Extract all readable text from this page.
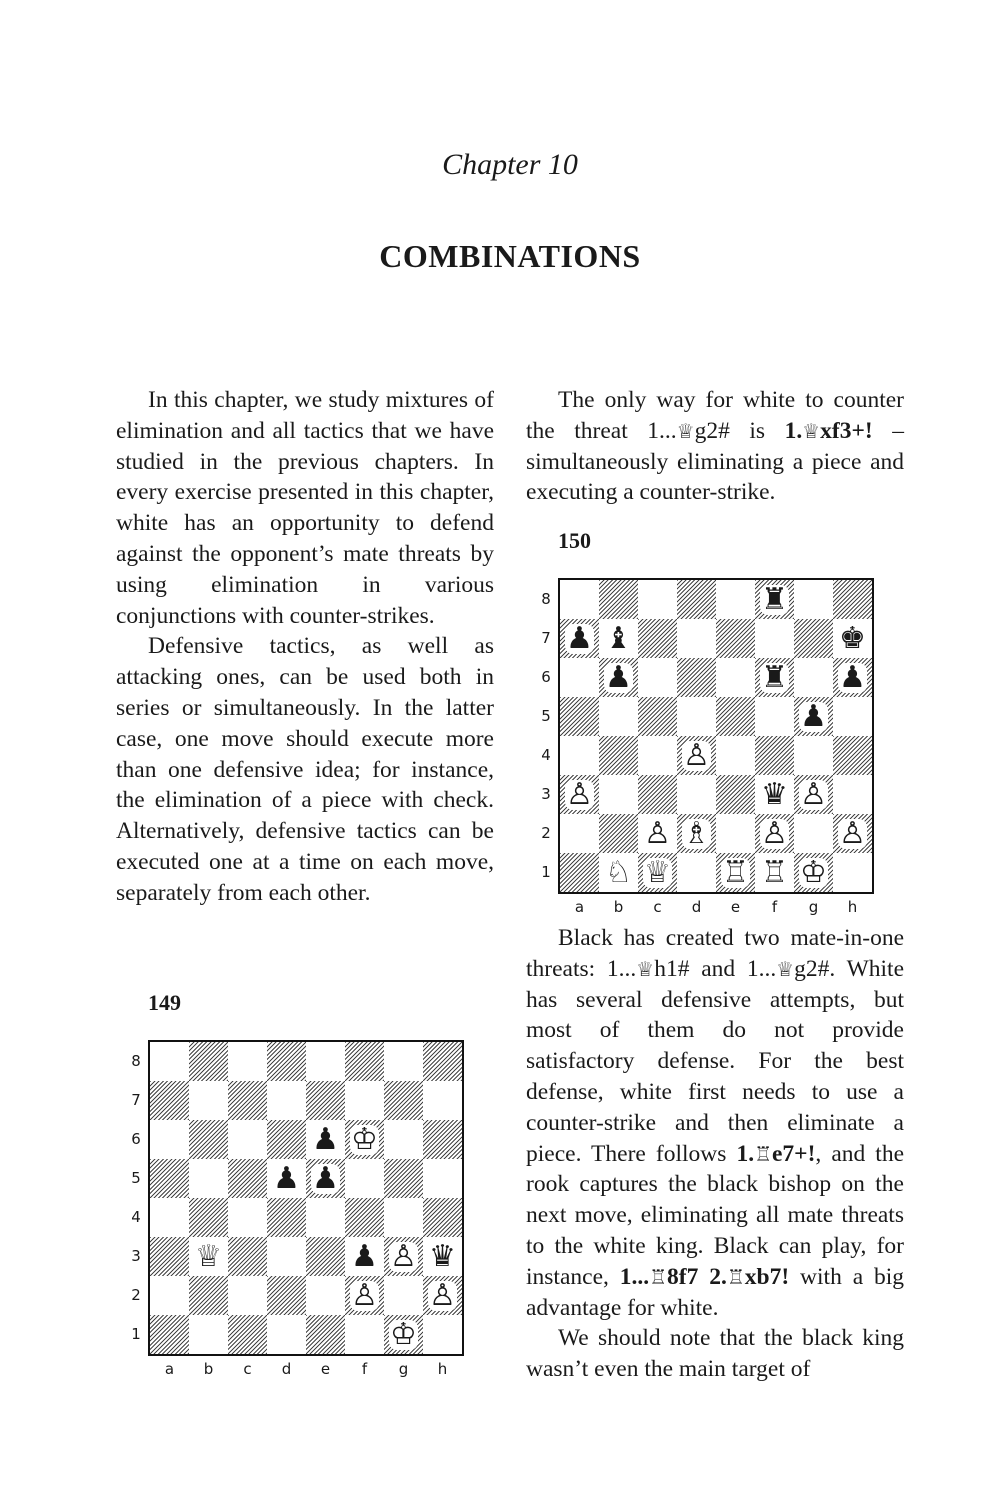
Chapter 10
COMBINATIONS

In this chapter, we study mixtures of elimination and all tactics that we have studied in the previous chapters. In every exercise presented in this chapter, white has an opportunity to defend against the opponent’s mate threats by using elimination in various conjunctions with counter-strikes.

Defensive tactics, as well as attacking ones, can be used both in series or simultaneously. In the latter case, one move should execute more than one defensive idea; for instance, the elimination of a piece with check. Alternatively, defensive tactics can be executed one at a time on each move, separately from each other.

149
♟ ♔
♟ ♟
♕	♟ ♙ ♛
♙ ♙
♔
8
7
6
5
4
3
2
1
a	b	c	d	e	f	g	h

The only way for white to counter the threat 1...♕g2# is 1.♕xf3+! – simultaneously eliminating a piece and executing a counter-strike.

150
♜
♟ ♝	♚
♟	♜ ♟
♟
♙
♙	♛ ♙
♙ ♗ ♙ ♙
♘ ♕ ♖ ♖ ♔
8
7
6
5
4
3
2
1
a	b	c	d	e	f	g	h

Black has created two mate-in-one threats: 1...♕h1# and 1...♕g2#. White has several defensive attempts, but most of them do not provide satisfactory defense. For the best defense, white first needs to use a counter-strike and then eliminate a piece. There follows 1.♖e7+!, and the rook captures the black bishop on the next move, eliminating all mate threats to the white king. Black can play, for instance, 1...♖8f7 2.♖xb7! with a big advantage for white.

We should note that the black king wasn’t even the main target of
